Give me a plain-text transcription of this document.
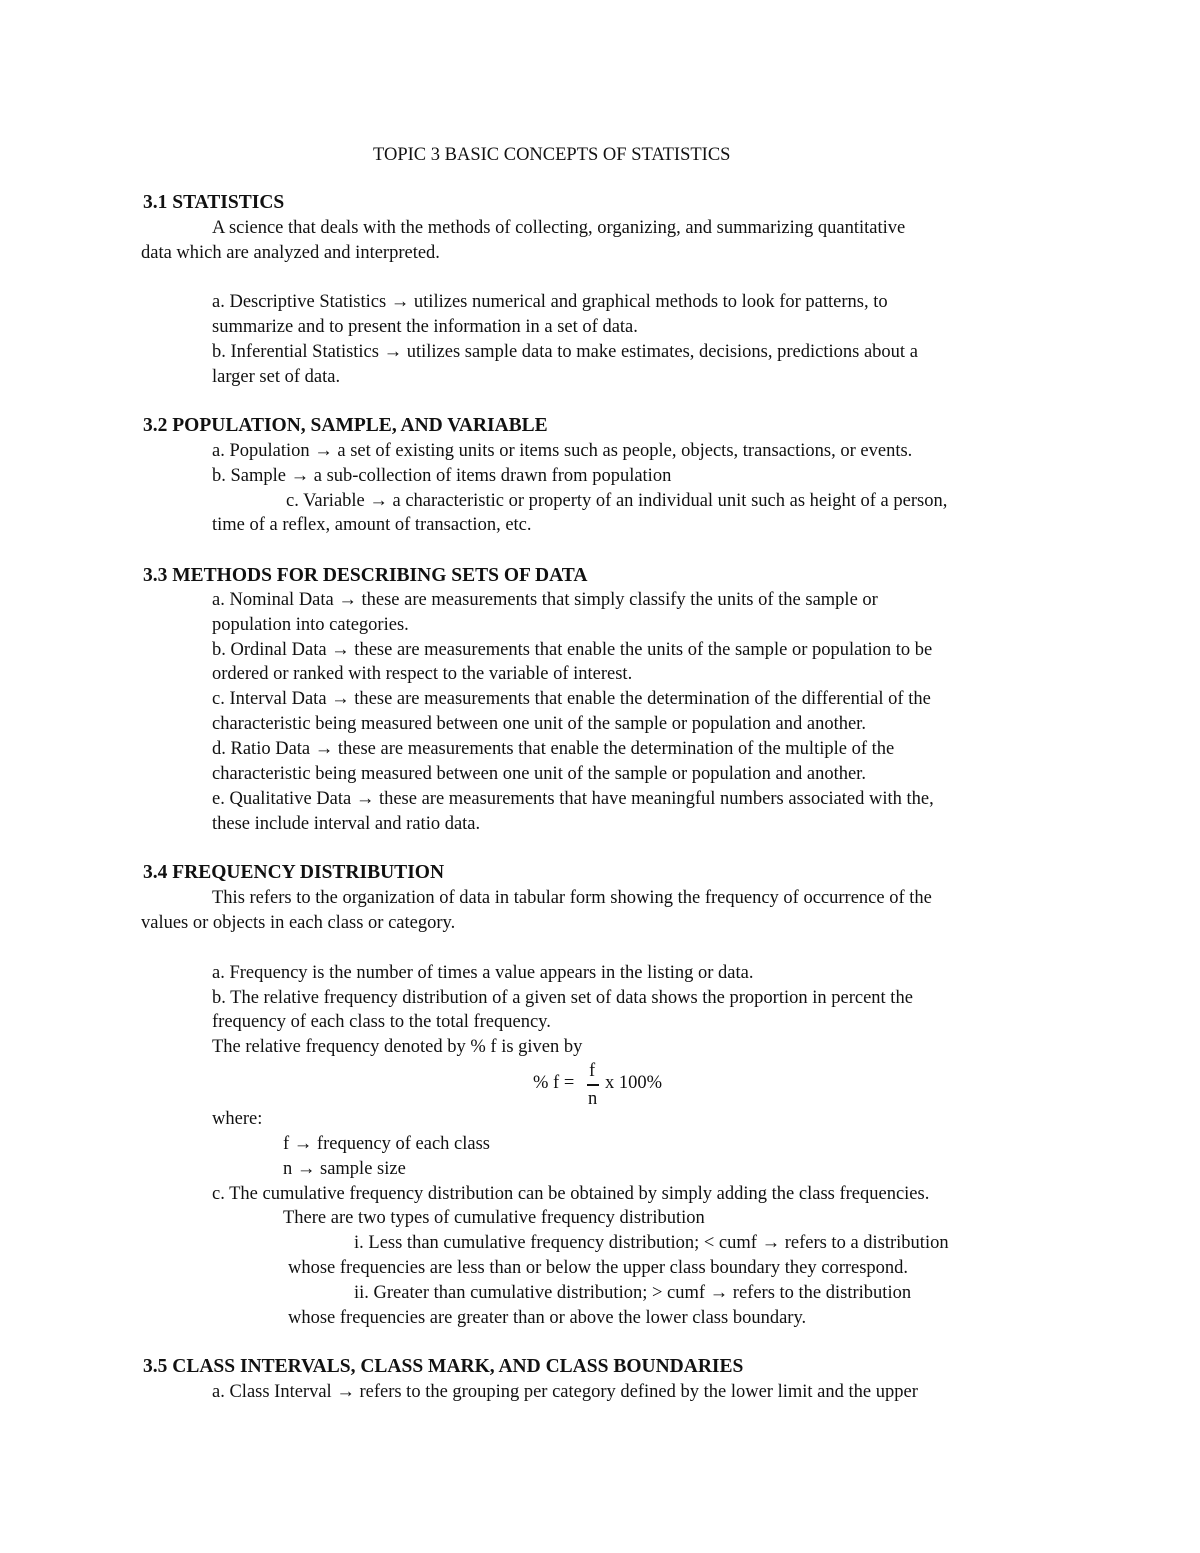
TOPIC 3 BASIC CONCEPTS OF STATISTICS
3.1 STATISTICS
A science that deals with the methods of collecting, organizing, and summarizing quantitative
data which are analyzed and interpreted.
a. Descriptive Statistics → utilizes numerical and graphical methods to look for patterns, to
summarize and to present the information in a set of data.
b. Inferential Statistics → utilizes sample data to make estimates, decisions, predictions about a
larger set of data.
3.2 POPULATION, SAMPLE, AND VARIABLE
a. Population → a set of existing units or items such as people, objects, transactions, or events.
b. Sample → a sub-collection of items drawn from population
c. Variable → a characteristic or property of an individual unit such as height of a person,
time of a reflex, amount of transaction, etc.
3.3 METHODS FOR DESCRIBING SETS OF DATA
a. Nominal Data → these are measurements that simply classify the units of the sample or
population into categories.
b. Ordinal Data → these are measurements that enable the units of the sample or population to be
ordered or ranked with respect to the variable of interest.
c. Interval Data → these are measurements that enable the determination of the differential of the
characteristic being measured between one unit of the sample or population and another.
d. Ratio Data → these are measurements that enable the determination of the multiple of the
characteristic being measured between one unit of the sample or population and another.
e. Qualitative Data → these are measurements that have meaningful numbers associated with the,
these include interval and ratio data.
3.4 FREQUENCY DISTRIBUTION
This refers to the organization of data in tabular form showing the frequency of occurrence of the
values or objects in each class or category.
a. Frequency is the number of times a value appears in the listing or data.
b. The relative frequency distribution of a given set of data shows the proportion in percent the
frequency of each class to the total frequency.
The relative frequency denoted by % f is given by
% f =
f
n
x 100%
where:
f → frequency of each class
n → sample size
c. The cumulative frequency distribution can be obtained by simply adding the class frequencies.
There are two types of cumulative frequency distribution
i. Less than cumulative frequency distribution; < cumf → refers to a distribution
whose frequencies are less than or below the upper class boundary they correspond.
ii. Greater than cumulative distribution; > cumf → refers to the distribution
whose frequencies are greater than or above the lower class boundary.
3.5 CLASS INTERVALS, CLASS MARK, AND CLASS BOUNDARIES
a. Class Interval → refers to the grouping per category defined by the lower limit and the upper
